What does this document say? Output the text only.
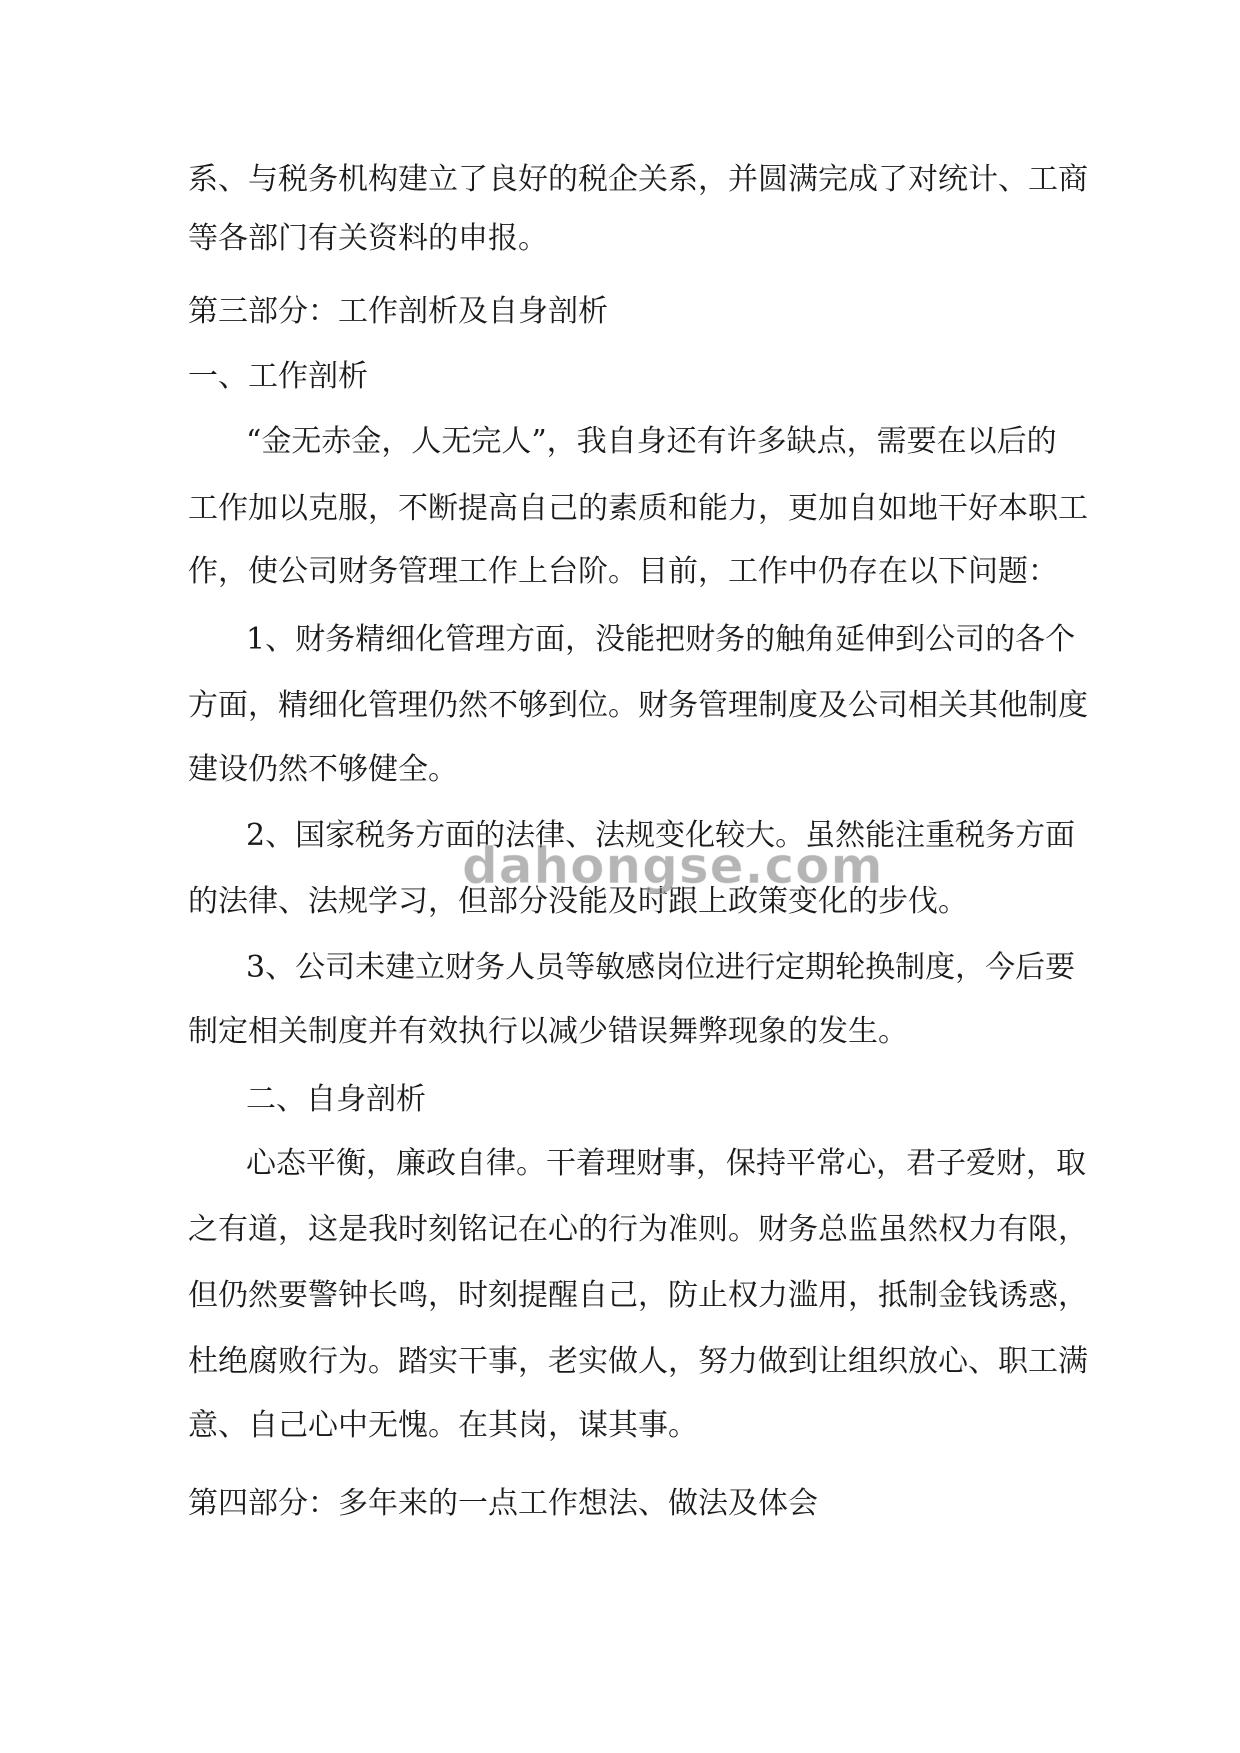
系、与税务机构建立了良好的税企关系，并圆满完成了对统计、工商
等各部门有关资料的申报。
第三部分：工作剖析及自身剖析
一、工作剖析
“金无赤金，人无完人”，我自身还有许多缺点，需要在以后的
工作加以克服，不断提高自己的素质和能力，更加自如地干好本职工
作，使公司财务管理工作上台阶。目前，工作中仍存在以下问题：
1、财务精细化管理方面，没能把财务的触角延伸到公司的各个
方面，精细化管理仍然不够到位。财务管理制度及公司相关其他制度
建设仍然不够健全。
2、国家税务方面的法律、法规变化较大。虽然能注重税务方面
的法律、法规学习，但部分没能及时跟上政策变化的步伐。
3、公司未建立财务人员等敏感岗位进行定期轮换制度，今后要
制定相关制度并有效执行以减少错误舞弊现象的发生。
二、自身剖析
心态平衡，廉政自律。干着理财事，保持平常心，君子爱财，取
之有道，这是我时刻铭记在心的行为准则。财务总监虽然权力有限，
但仍然要警钟长鸣，时刻提醒自己，防止权力滥用，抵制金钱诱惑，
杜绝腐败行为。踏实干事，老实做人，努力做到让组织放心、职工满
意、自己心中无愧。在其岗，谋其事。
第四部分：多年来的一点工作想法、做法及体会
dahongse.com
